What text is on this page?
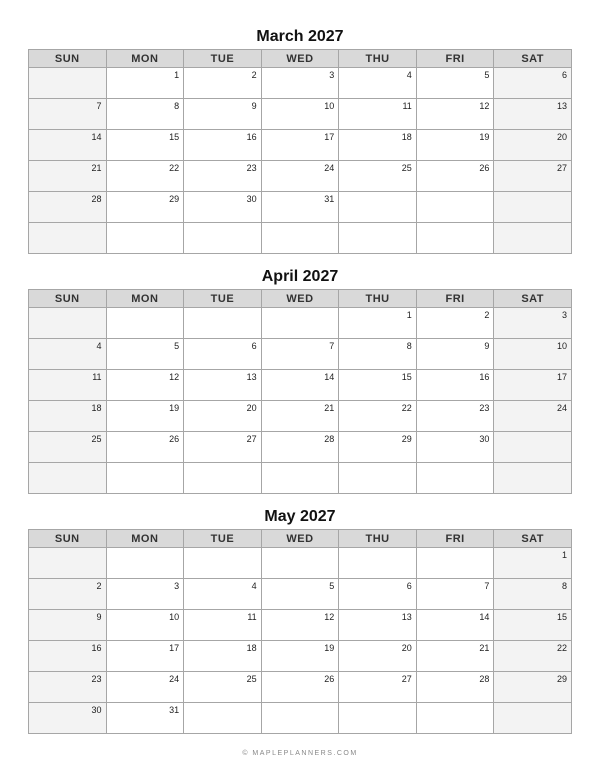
March 2027
SUN	MON	TUE	WED	THU	FRI	SAT
	1	2	3	4	5	6
7	8	9	10	11	12	13
14	15	16	17	18	19	20
21	22	23	24	25	26	27
28	29	30	31			

April 2027
SUN	MON	TUE	WED	THU	FRI	SAT
				1	2	3
4	5	6	7	8	9	10
11	12	13	14	15	16	17
18	19	20	21	22	23	24
25	26	27	28	29	30	

May 2027
SUN	MON	TUE	WED	THU	FRI	SAT
						1
2	3	4	5	6	7	8
9	10	11	12	13	14	15
16	17	18	19	20	21	22
23	24	25	26	27	28	29
30	31					
© MAPLEPLANNERS.COM
